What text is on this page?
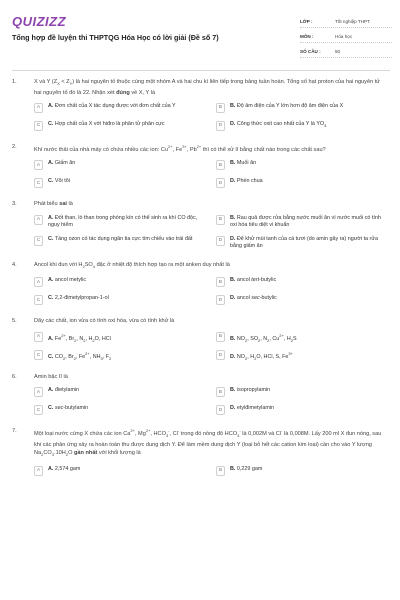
QUIZIZZ
Tổng hợp đề luyện thi THPTQG Hóa Học có lời giải (Đề số 7)
LỚP :	Tốt nghiệp THPT
MÔN :	Hóa học
SỐ CÂU :	50
1.	X và Y $(Z_X < Z_Y)$ là hai nguyên tố thuộc cùng một nhóm A và hai chu kì liên tiếp trong bảng tuần hoàn. Tổng số hạt proton của hai nguyên tử hai nguyên tố đó là 22. Nhận xét đúng về X, Y là
A	A. Đơn chất của X tác dụng được với đơn chất của Y	B	B. Độ âm điện của Y lớn hơn độ âm điện của X
C	C. Hợp chất của X với hiđro là phân tử phân cực	D	D. Công thức oxit cao nhất của Y là $YO_3$
2.	Khí nước thải của nhà máy có chứa nhiều các ion: $Cu^{2+}$, $Fe^{3+}$, $Pb^{2+}$ thì có thể xử lí bằng chất nào trong các chất sau?
A	A. Giấm ăn	B	B. Muối ăn
C	C. Vôi tôi	D	D. Phèn chua
3.	Phát biểu sai là
A	A. Đốt than, lò than trong phòng kín có thể sinh ra khí CO độc, nguy hiểm
B	B. Rau quả được rửa bằng nước muối ăn vì nước muối có tính oxi hóa tiêu diệt vi khuẩn
C	C. Tầng ozon có tác dụng ngăn tia cực tím chiếu vào trái đất	D	D. Để khử mùi tanh của cá tươi (do amin gây ra) người ta rửa bằng giấm ăn
4.	Ancol khi đun với $H_2SO_4$ đặc ở nhiệt độ thích hợp tạo ra một anken duy nhất là
A	A. ancol metylic	B	B. ancol tert-butylic
C	C. 2,2-đimetylpropan-1-ol	D	D. ancol sec-butylic
5.	Dãy các chất, ion vừa có tính oxi hóa, vừa có tính khử là
A	A. $Fe^{2+}$, $Br_2$, $N_2$, $H_2O$, HCl	B	B. $NO_2$, $SO_2$, $N_2$, $Cu^{2+}$, $H_2S$
C	C. $CO_2$, $Br_2$, $Fe^{2+}$, $NH_3$, $F_2$
D	D. $NO_2$, $H_2O$, HCl, S, $Fe^{3+}$
6.	Amin bậc II là
A	A. đietylamin	B	B. isopropylamin
C	C. sec-butylamin	D	D. etylđimetylamin
7.	Một loại nước cứng X chứa các ion $Ca^{2+}$, $Mg^{2+}$, $HCO_3^-$, Cl- trong đó nồng độ $HCO_3^-$ là 0,002M và Cl- là 0,008M. Lấy 200 ml X đun nóng, sau khi các phản ứng xảy ra hoàn toàn thu được dung dịch Y. Để làm mềm dung dịch Y (loại bỏ hết các cation kim loại) cần cho vào Y lượng $Na_2CO_3.10H_2O$ gần nhất với khối lượng là
A	A. 2,574 gam	B	B. 0,229 gam
